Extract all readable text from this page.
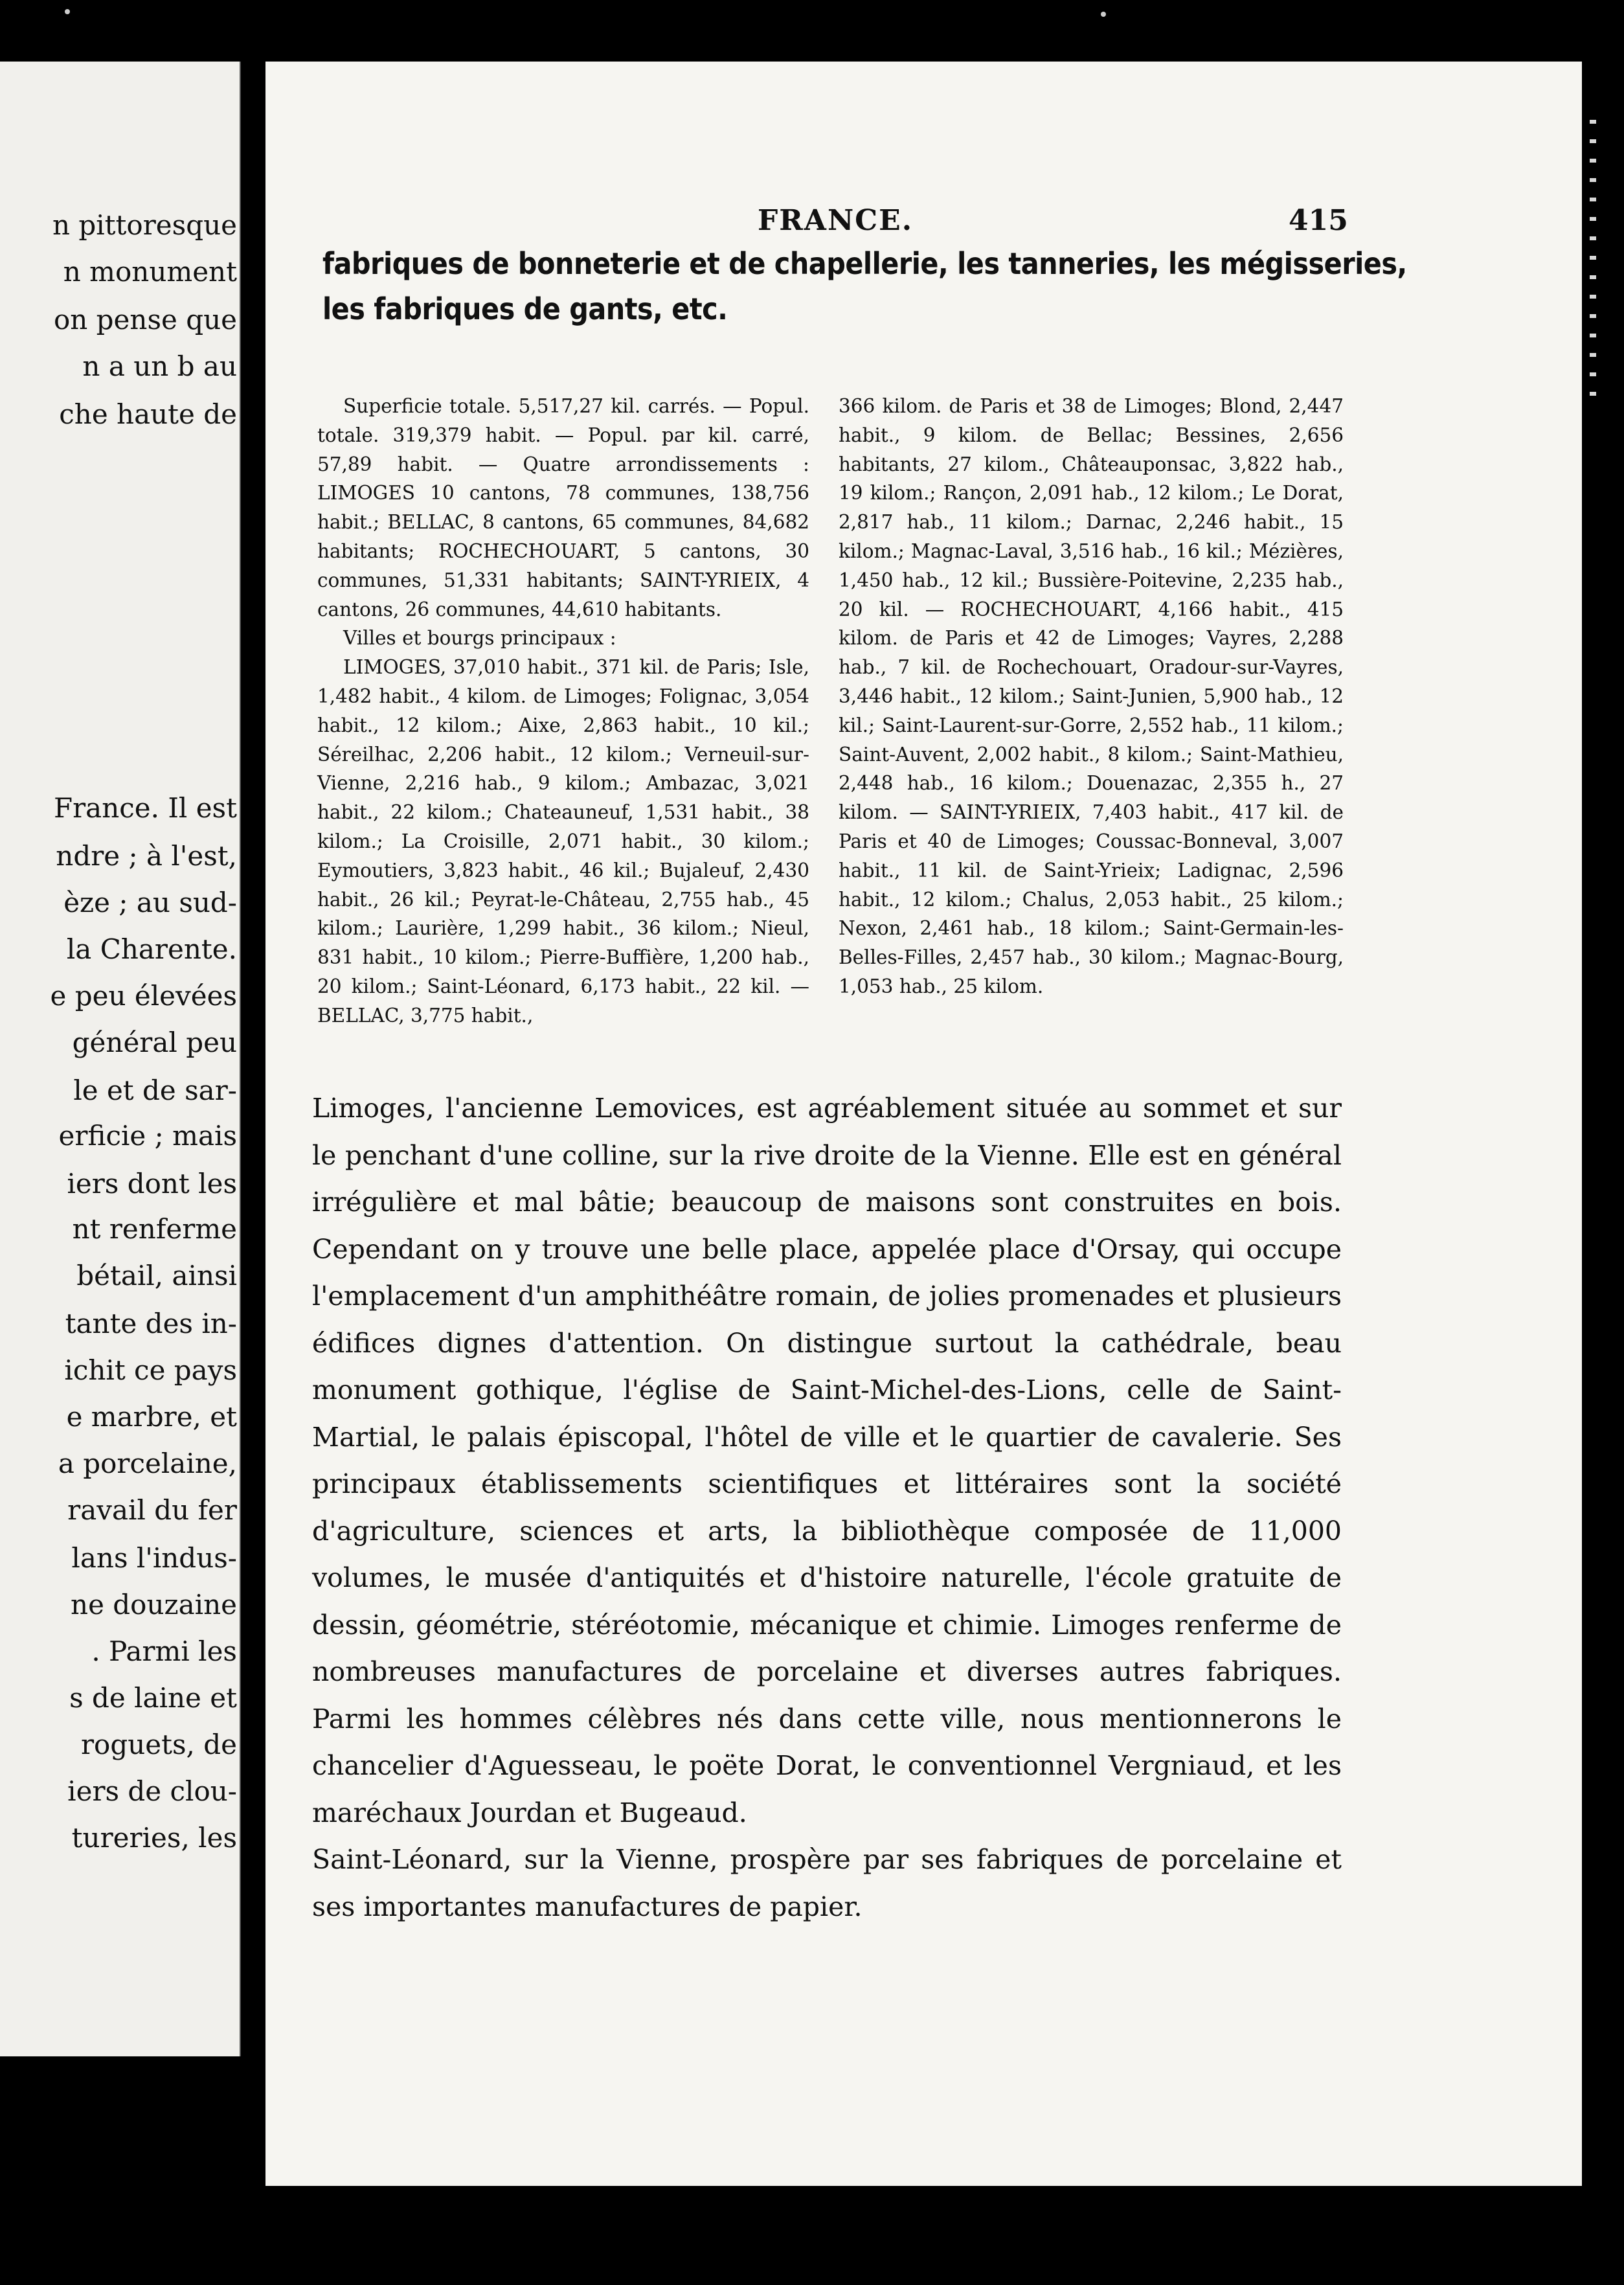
n pittoresque
n monument
on pense que
n a un b au
che haute de
France. Il est
ndre ; à l'est,
èze ; au sud-
la Charente.
e peu élevées
général peu
le et de sar-
erficie ; mais
iers dont les
nt renferme
bétail, ainsi
tante des in-
ichit ce pays
e marbre, et
a porcelaine,
ravail du fer
lans l'indus-
ne douzaine
. Parmi les
s de laine et
roguets, de
iers de clou-
tureries, les
FRANCE.	415
fabriques de bonneterie et de chapellerie, les tanneries, les mégisseries,
les fabriques de gants, etc.

Superficie totale. 5,517,27 kil. carrés. — Popul. totale. 319,379 habit. — Popul. par kil. carré, 57,89 habit. — Quatre arrondissements : LIMOGES 10 cantons, 78 communes, 138,756 habit.; BELLAC, 8 cantons, 65 communes, 84,682 habitants; ROCHECHOUART, 5 cantons, 30 communes, 51,331 habitants; SAINT-YRIEIX, 4 cantons, 26 communes, 44,610 habitants.

Villes et bourgs principaux :

LIMOGES, 37,010 habit., 371 kil. de Paris; Isle, 1,482 habit., 4 kilom. de Limoges; Folignac, 3,054 habit., 12 kilom.; Aixe, 2,863 habit., 10 kil.; Séreilhac, 2,206 habit., 12 kilom.; Verneuil-sur-Vienne, 2,216 hab., 9 kilom.; Ambazac, 3,021 habit., 22 kilom.; Chateauneuf, 1,531 habit., 38 kilom.; La Croisille, 2,071 habit., 30 kilom.; Eymoutiers, 3,823 habit., 46 kil.; Bujaleuf, 2,430 habit., 26 kil.; Peyrat-le-Château, 2,755 hab., 45 kilom.; Laurière, 1,299 habit., 36 kilom.; Nieul, 831 habit., 10 kilom.; Pierre-Buffière, 1,200 hab., 20 kilom.; Saint-Léonard, 6,173 habit., 22 kil. — BELLAC, 3,775 habit.,

366 kilom. de Paris et 38 de Limoges; Blond, 2,447 habit., 9 kilom. de Bellac; Bessines, 2,656 habitants, 27 kilom., Châteauponsac, 3,822 hab., 19 kilom.; Rançon, 2,091 hab., 12 kilom.; Le Dorat, 2,817 hab., 11 kilom.; Darnac, 2,246 habit., 15 kilom.; Magnac-Laval, 3,516 hab., 16 kil.; Mézières, 1,450 hab., 12 kil.; Bussière-Poitevine, 2,235 hab., 20 kil. — ROCHECHOUART, 4,166 habit., 415 kilom. de Paris et 42 de Limoges; Vayres, 2,288 hab., 7 kil. de Rochechouart, Oradour-sur-Vayres, 3,446 habit., 12 kilom.; Saint-Junien, 5,900 hab., 12 kil.; Saint-Laurent-sur-Gorre, 2,552 hab., 11 kilom.; Saint-Auvent, 2,002 habit., 8 kilom.; Saint-Mathieu, 2,448 hab., 16 kilom.; Douenazac, 2,355 h., 27 kilom. — SAINT-YRIEIX, 7,403 habit., 417 kil. de Paris et 40 de Limoges; Coussac-Bonneval, 3,007 habit., 11 kil. de Saint-Yrieix; Ladignac, 2,596 habit., 12 kilom.; Chalus, 2,053 habit., 25 kilom.; Nexon, 2,461 hab., 18 kilom.; Saint-Germain-les-Belles-Filles, 2,457 hab., 30 kilom.; Magnac-Bourg, 1,053 hab., 25 kilom.

Limoges, l'ancienne Lemovices, est agréablement située au sommet et sur le penchant d'une colline, sur la rive droite de la Vienne. Elle est en général irrégulière et mal bâtie; beaucoup de maisons sont construites en bois. Cependant on y trouve une belle place, appelée place d'Orsay, qui occupe l'emplacement d'un amphithéâtre romain, de jolies promenades et plusieurs édifices dignes d'attention. On distingue surtout la cathédrale, beau monument gothique, l'église de Saint-Michel-des-Lions, celle de Saint-Martial, le palais épiscopal, l'hôtel de ville et le quartier de cavalerie. Ses principaux établissements scientifiques et littéraires sont la société d'agriculture, sciences et arts, la bibliothèque composée de 11,000 volumes, le musée d'antiquités et d'histoire naturelle, l'école gratuite de dessin, géométrie, stéréotomie, mécanique et chimie. Limoges renferme de nombreuses manufactures de porcelaine et diverses autres fabriques. Parmi les hommes célèbres nés dans cette ville, nous mentionnerons le chancelier d'Aguesseau, le poëte Dorat, le conventionnel Vergniaud, et les maréchaux Jourdan et Bugeaud.

Saint-Léonard, sur la Vienne, prospère par ses fabriques de porcelaine et ses importantes manufactures de papier.
